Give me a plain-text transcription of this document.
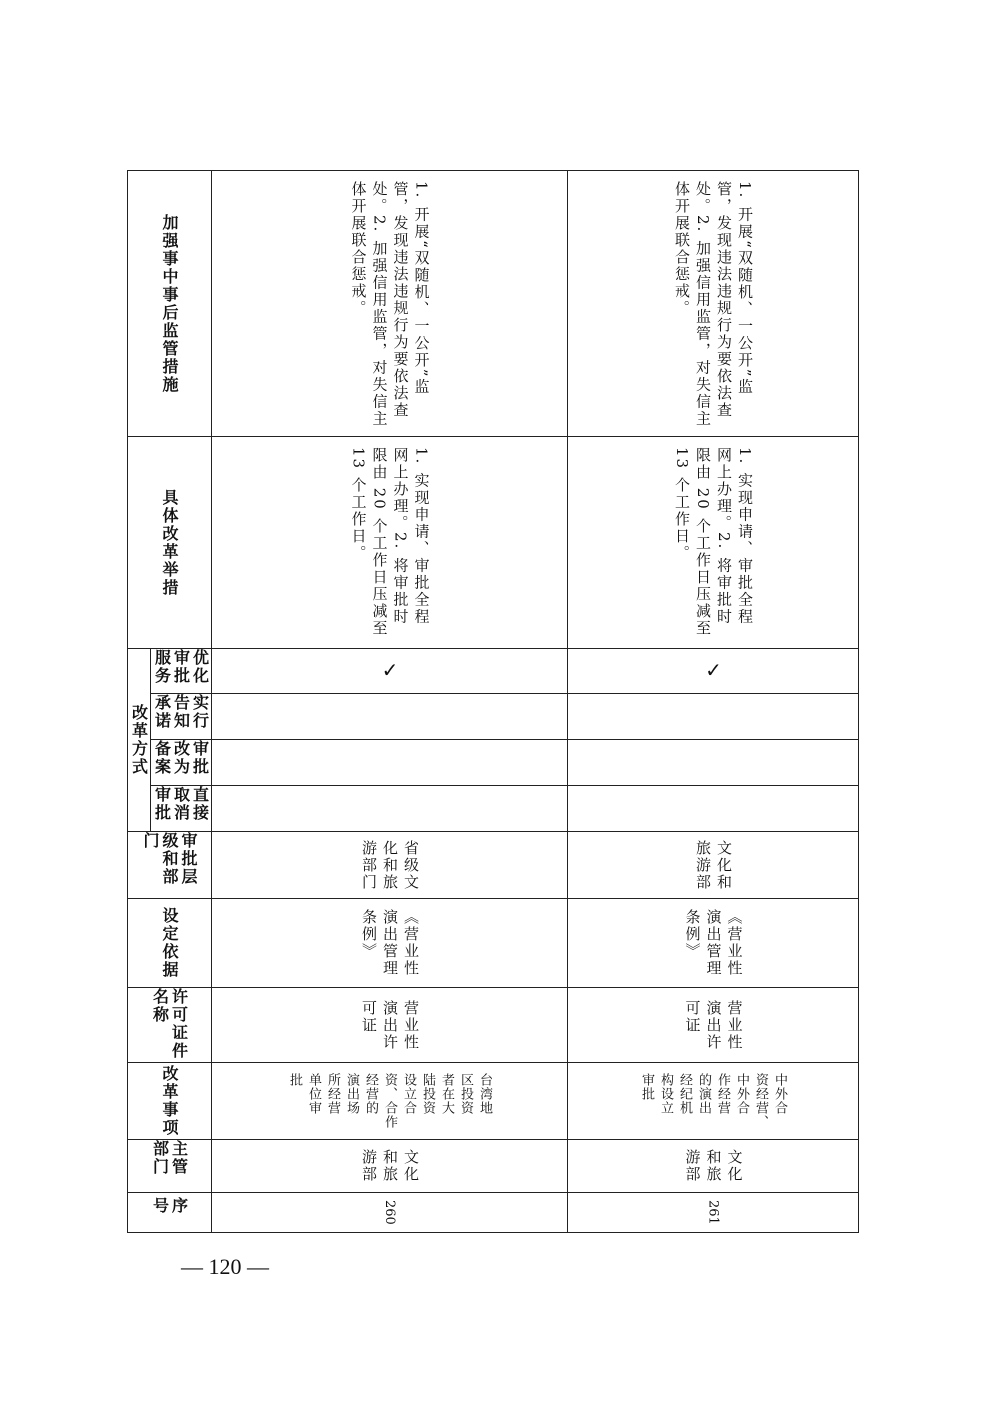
加强事中事后监管措施
具体改革举措
改革方式
优化审批服务
实行告知承诺
审批改为备案
直接取消审批
审批层级和部门
设定依据
许可证件名称
改革事项
主管部门
序号
1. 开展“双随机、一公开”监管，发现违法违规行为要依法查处。2. 加强信用监管，对失信主体开展联合惩戒。
1. 实现申请、审批全程网上办理。2. 将审批时限由 20 个工作日压减至 13 个工作日。
✓
省级文
化和旅
游部门
《营业性
演出管理
条例》
营业性
演出许
可证
台湾地
区投资
者在大
陆投资
设立合
资、合作
经营的
演出场
所经营
单位审
批
文化
和旅
游部
260
1. 开展“双随机、一公开”监管，发现违法违规行为要依法查处。2. 加强信用监管，对失信主体开展联合惩戒。
1. 实现申请、审批全程网上办理。2. 将审批时限由 20 个工作日压减至 13 个工作日。
✓
文化和
旅游部
《营业性
演出管理
条例》
营业性
演出许
可证
中外合
资经营、
中外合
作经营
的演出
经纪机
构设立
审批
文化
和旅
游部
261
— 120 —
